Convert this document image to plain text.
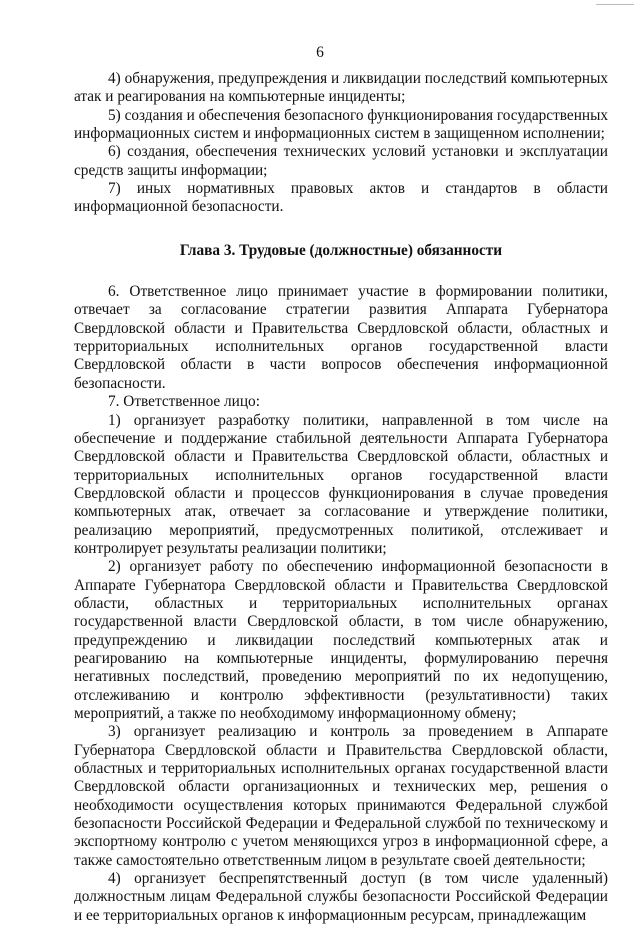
6

4) обнаружения, предупреждения и ликвидации последствий компьютерных атак и реагирования на компьютерные инциденты;

5) создания и обеспечения безопасного функционирования государственных информационных систем и информационных систем в защищенном исполнении;

6) создания, обеспечения технических условий установки и эксплуатации средств защиты информации;

7) иных нормативных правовых актов и стандартов в области информационной безопасности.

Глава 3. Трудовые (должностные) обязанности

6. Ответственное лицо принимает участие в формировании политики, отвечает за согласование стратегии развития Аппарата Губернатора Свердловской области и Правительства Свердловской области, областных и территориальных исполнительных органов государственной власти Свердловской области в части вопросов обеспечения информационной безопасности.

7. Ответственное лицо:

1) организует разработку политики, направленной в том числе на обеспечение и поддержание стабильной деятельности Аппарата Губернатора Свердловской области и Правительства Свердловской области, областных и территориальных исполнительных органов государственной власти Свердловской области и процессов функционирования в случае проведения компьютерных атак, отвечает за согласование и утверждение политики, реализацию мероприятий, предусмотренных политикой, отслеживает и контролирует результаты реализации политики;

2) организует работу по обеспечению информационной безопасности в Аппарате Губернатора Свердловской области и Правительства Свердловской области, областных и территориальных исполнительных органах государственной власти Свердловской области, в том числе обнаружению, предупреждению и ликвидации последствий компьютерных атак и реагированию на компьютерные инциденты, формулированию перечня негативных последствий, проведению мероприятий по их недопущению, отслеживанию и контролю эффективности (результативности) таких мероприятий, а также по необходимому информационному обмену;

3) организует реализацию и контроль за проведением в Аппарате Губернатора Свердловской области и Правительства Свердловской области, областных и территориальных исполнительных органах государственной власти Свердловской области организационных и технических мер, решения о необходимости осуществления которых принимаются Федеральной службой безопасности Российской Федерации и Федеральной службой по техническому и экспортному контролю с учетом меняющихся угроз в информационной сфере, а также самостоятельно ответственным лицом в результате своей деятельности;

4) организует беспрепятственный доступ (в том числе удаленный) должностным лицам Федеральной службы безопасности Российской Федерации и ее территориальных органов к информационным ресурсам, принадлежащим
